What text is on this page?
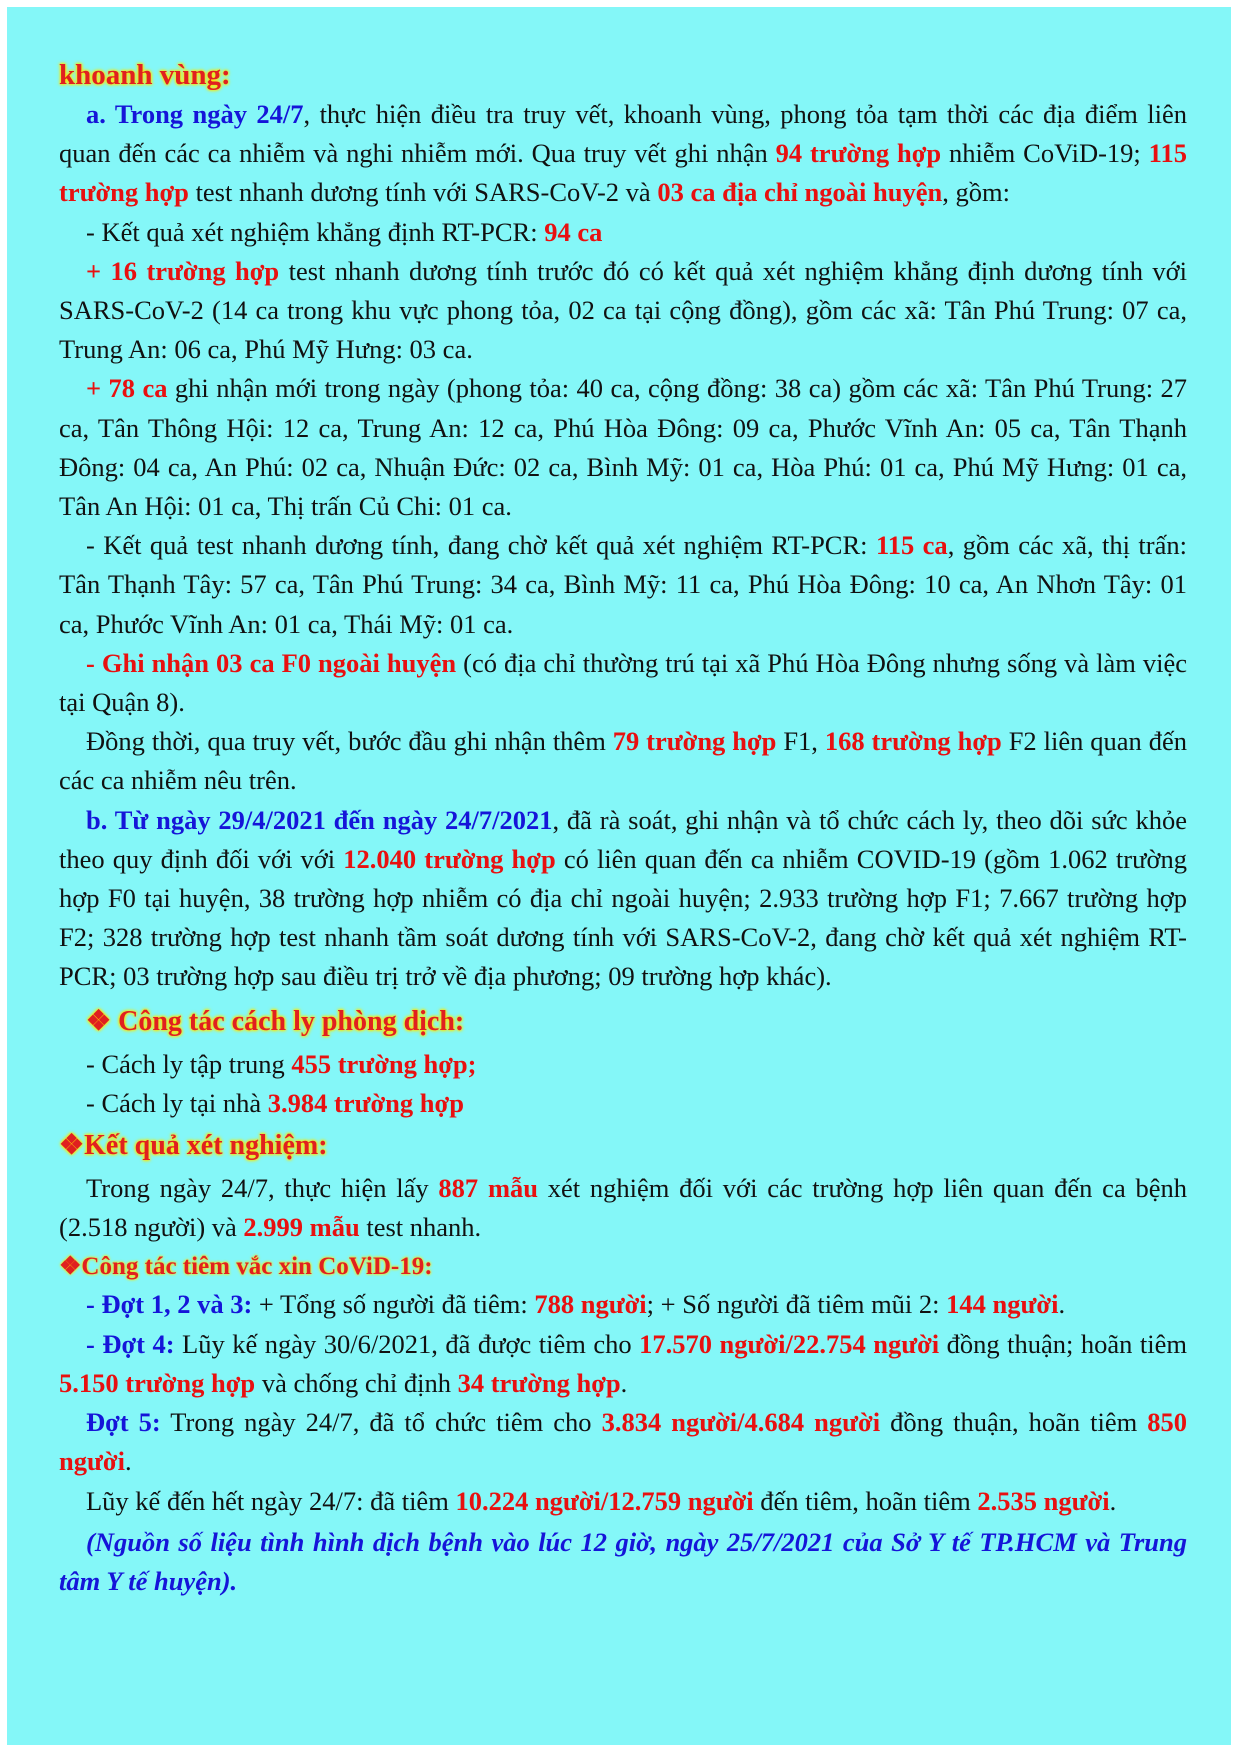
khoanh vùng:

a. Trong ngày 24/7, thực hiện điều tra truy vết, khoanh vùng, phong tỏa tạm thời các địa điểm liên quan đến các ca nhiễm và nghi nhiễm mới. Qua truy vết ghi nhận 94 trường hợp nhiễm CoViD-19; 115 trường hợp test nhanh dương tính với SARS-CoV-2 và 03 ca địa chỉ ngoài huyện, gồm:

- Kết quả xét nghiệm khẳng định RT-PCR: 94 ca

+ 16 trường hợp test nhanh dương tính trước đó có kết quả xét nghiệm khẳng định dương tính với SARS-CoV-2 (14 ca trong khu vực phong tỏa, 02 ca tại cộng đồng), gồm các xã: Tân Phú Trung: 07 ca, Trung An: 06 ca, Phú Mỹ Hưng: 03 ca.

+ 78 ca ghi nhận mới trong ngày (phong tỏa: 40 ca, cộng đồng: 38 ca) gồm các xã: Tân Phú Trung: 27 ca, Tân Thông Hội: 12 ca, Trung An: 12 ca, Phú Hòa Đông: 09 ca, Phước Vĩnh An: 05 ca, Tân Thạnh Đông: 04 ca, An Phú: 02 ca, Nhuận Đức: 02 ca, Bình Mỹ: 01 ca, Hòa Phú: 01 ca, Phú Mỹ Hưng: 01 ca, Tân An Hội: 01 ca, Thị trấn Củ Chi: 01 ca.

- Kết quả test nhanh dương tính, đang chờ kết quả xét nghiệm RT-PCR: 115 ca, gồm các xã, thị trấn: Tân Thạnh Tây: 57 ca, Tân Phú Trung: 34 ca, Bình Mỹ: 11 ca, Phú Hòa Đông: 10 ca, An Nhơn Tây: 01 ca, Phước Vĩnh An: 01 ca, Thái Mỹ: 01 ca.

- Ghi nhận 03 ca F0 ngoài huyện (có địa chỉ thường trú tại xã Phú Hòa Đông nhưng sống và làm việc tại Quận 8).

Đồng thời, qua truy vết, bước đầu ghi nhận thêm 79 trường hợp F1, 168 trường hợp F2 liên quan đến các ca nhiễm nêu trên.

b. Từ ngày 29/4/2021 đến ngày 24/7/2021, đã rà soát, ghi nhận và tổ chức cách ly, theo dõi sức khỏe theo quy định đối với với 12.040 trường hợp có liên quan đến ca nhiễm COVID-19 (gồm 1.062 trường hợp F0 tại huyện, 38 trường hợp nhiễm có địa chỉ ngoài huyện; 2.933 trường hợp F1; 7.667 trường hợp F2; 328 trường hợp test nhanh tầm soát dương tính với SARS-CoV-2, đang chờ kết quả xét nghiệm RT-PCR; 03 trường hợp sau điều trị trở về địa phương; 09 trường hợp khác).

❖ Công tác cách ly phòng dịch:

- Cách ly tập trung 455 trường hợp;

- Cách ly tại nhà 3.984 trường hợp

❖Kết quả xét nghiệm:

Trong ngày 24/7, thực hiện lấy 887 mẫu xét nghiệm đối với các trường hợp liên quan đến ca bệnh (2.518 người) và 2.999 mẫu test nhanh.

❖Công tác tiêm vắc xin CoViD-19:

- Đợt 1, 2 và 3: + Tổng số người đã tiêm: 788 người; + Số người đã tiêm mũi 2: 144 người.

- Đợt 4: Lũy kế ngày 30/6/2021, đã được tiêm cho 17.570 người/22.754 người đồng thuận; hoãn tiêm 5.150 trường hợp và chống chỉ định 34 trường hợp.

Đợt 5: Trong ngày 24/7, đã tổ chức tiêm cho 3.834 người/4.684 người đồng thuận, hoãn tiêm 850 người.

Lũy kế đến hết ngày 24/7: đã tiêm 10.224 người/12.759 người đến tiêm, hoãn tiêm 2.535 người.

(Nguồn số liệu tình hình dịch bệnh vào lúc 12 giờ, ngày 25/7/2021 của Sở Y tế TP.HCM và Trung tâm Y tế huyện).
